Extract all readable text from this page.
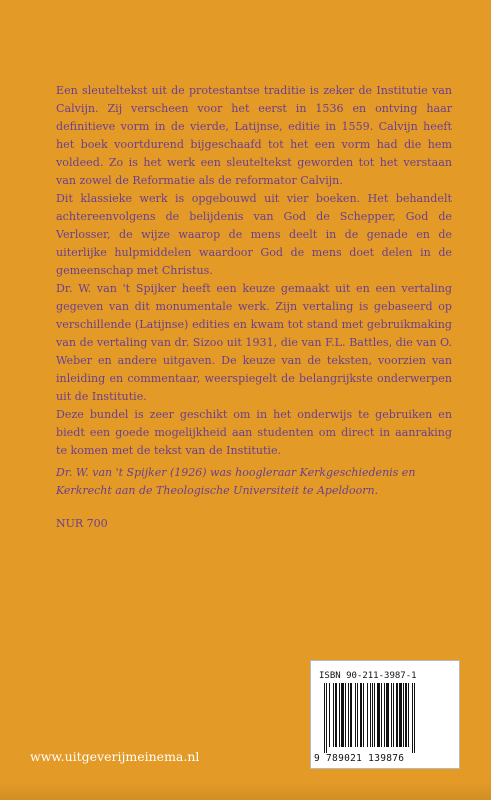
Een sleuteltekst uit de protestantse traditie is zeker de Institutie van Calvijn. Zij verscheen voor het eerst in 1536 en ontving haar definitieve vorm in de vierde, Latijnse, editie in 1559. Calvijn heeft het boek voortdurend bijgeschaafd tot het een vorm had die hem voldeed. Zo is het werk een sleuteltekst geworden tot het verstaan van zowel de Reformatie als de reformator Calvijn.

Dit klassieke werk is opgebouwd uit vier boeken. Het behandelt achtereenvolgens de belijdenis van God de Schepper, God de Verlosser, de wijze waarop de mens deelt in de genade en de uiterlijke hulpmiddelen waardoor God de mens doet delen in de gemeenschap met Christus.

Dr. W. van 't Spijker heeft een keuze gemaakt uit en een vertaling gegeven van dit monumentale werk. Zijn vertaling is gebaseerd op verschillende (Latijnse) edities en kwam tot stand met gebruikmaking van de vertaling van dr. Sizoo uit 1931, die van F.L. Battles, die van O. Weber en andere uitgaven. De keuze van de teksten, voorzien van inleiding en commentaar, weerspiegelt de belangrijkste onderwerpen uit de Institutie.

Deze bundel is zeer geschikt om in het onderwijs te gebruiken en biedt een goede mogelijkheid aan studenten om direct in aanraking te komen met de tekst van de Institutie.

Dr. W. van 't Spijker (1926) was hoogleraar Kerkgeschiedenis en Kerkrecht aan de Theologische Universiteit te Apeldoorn.
NUR 700
ISBN 90-211-3987-1
9 789021 139876
www.uitgeverijmeinema.nl
